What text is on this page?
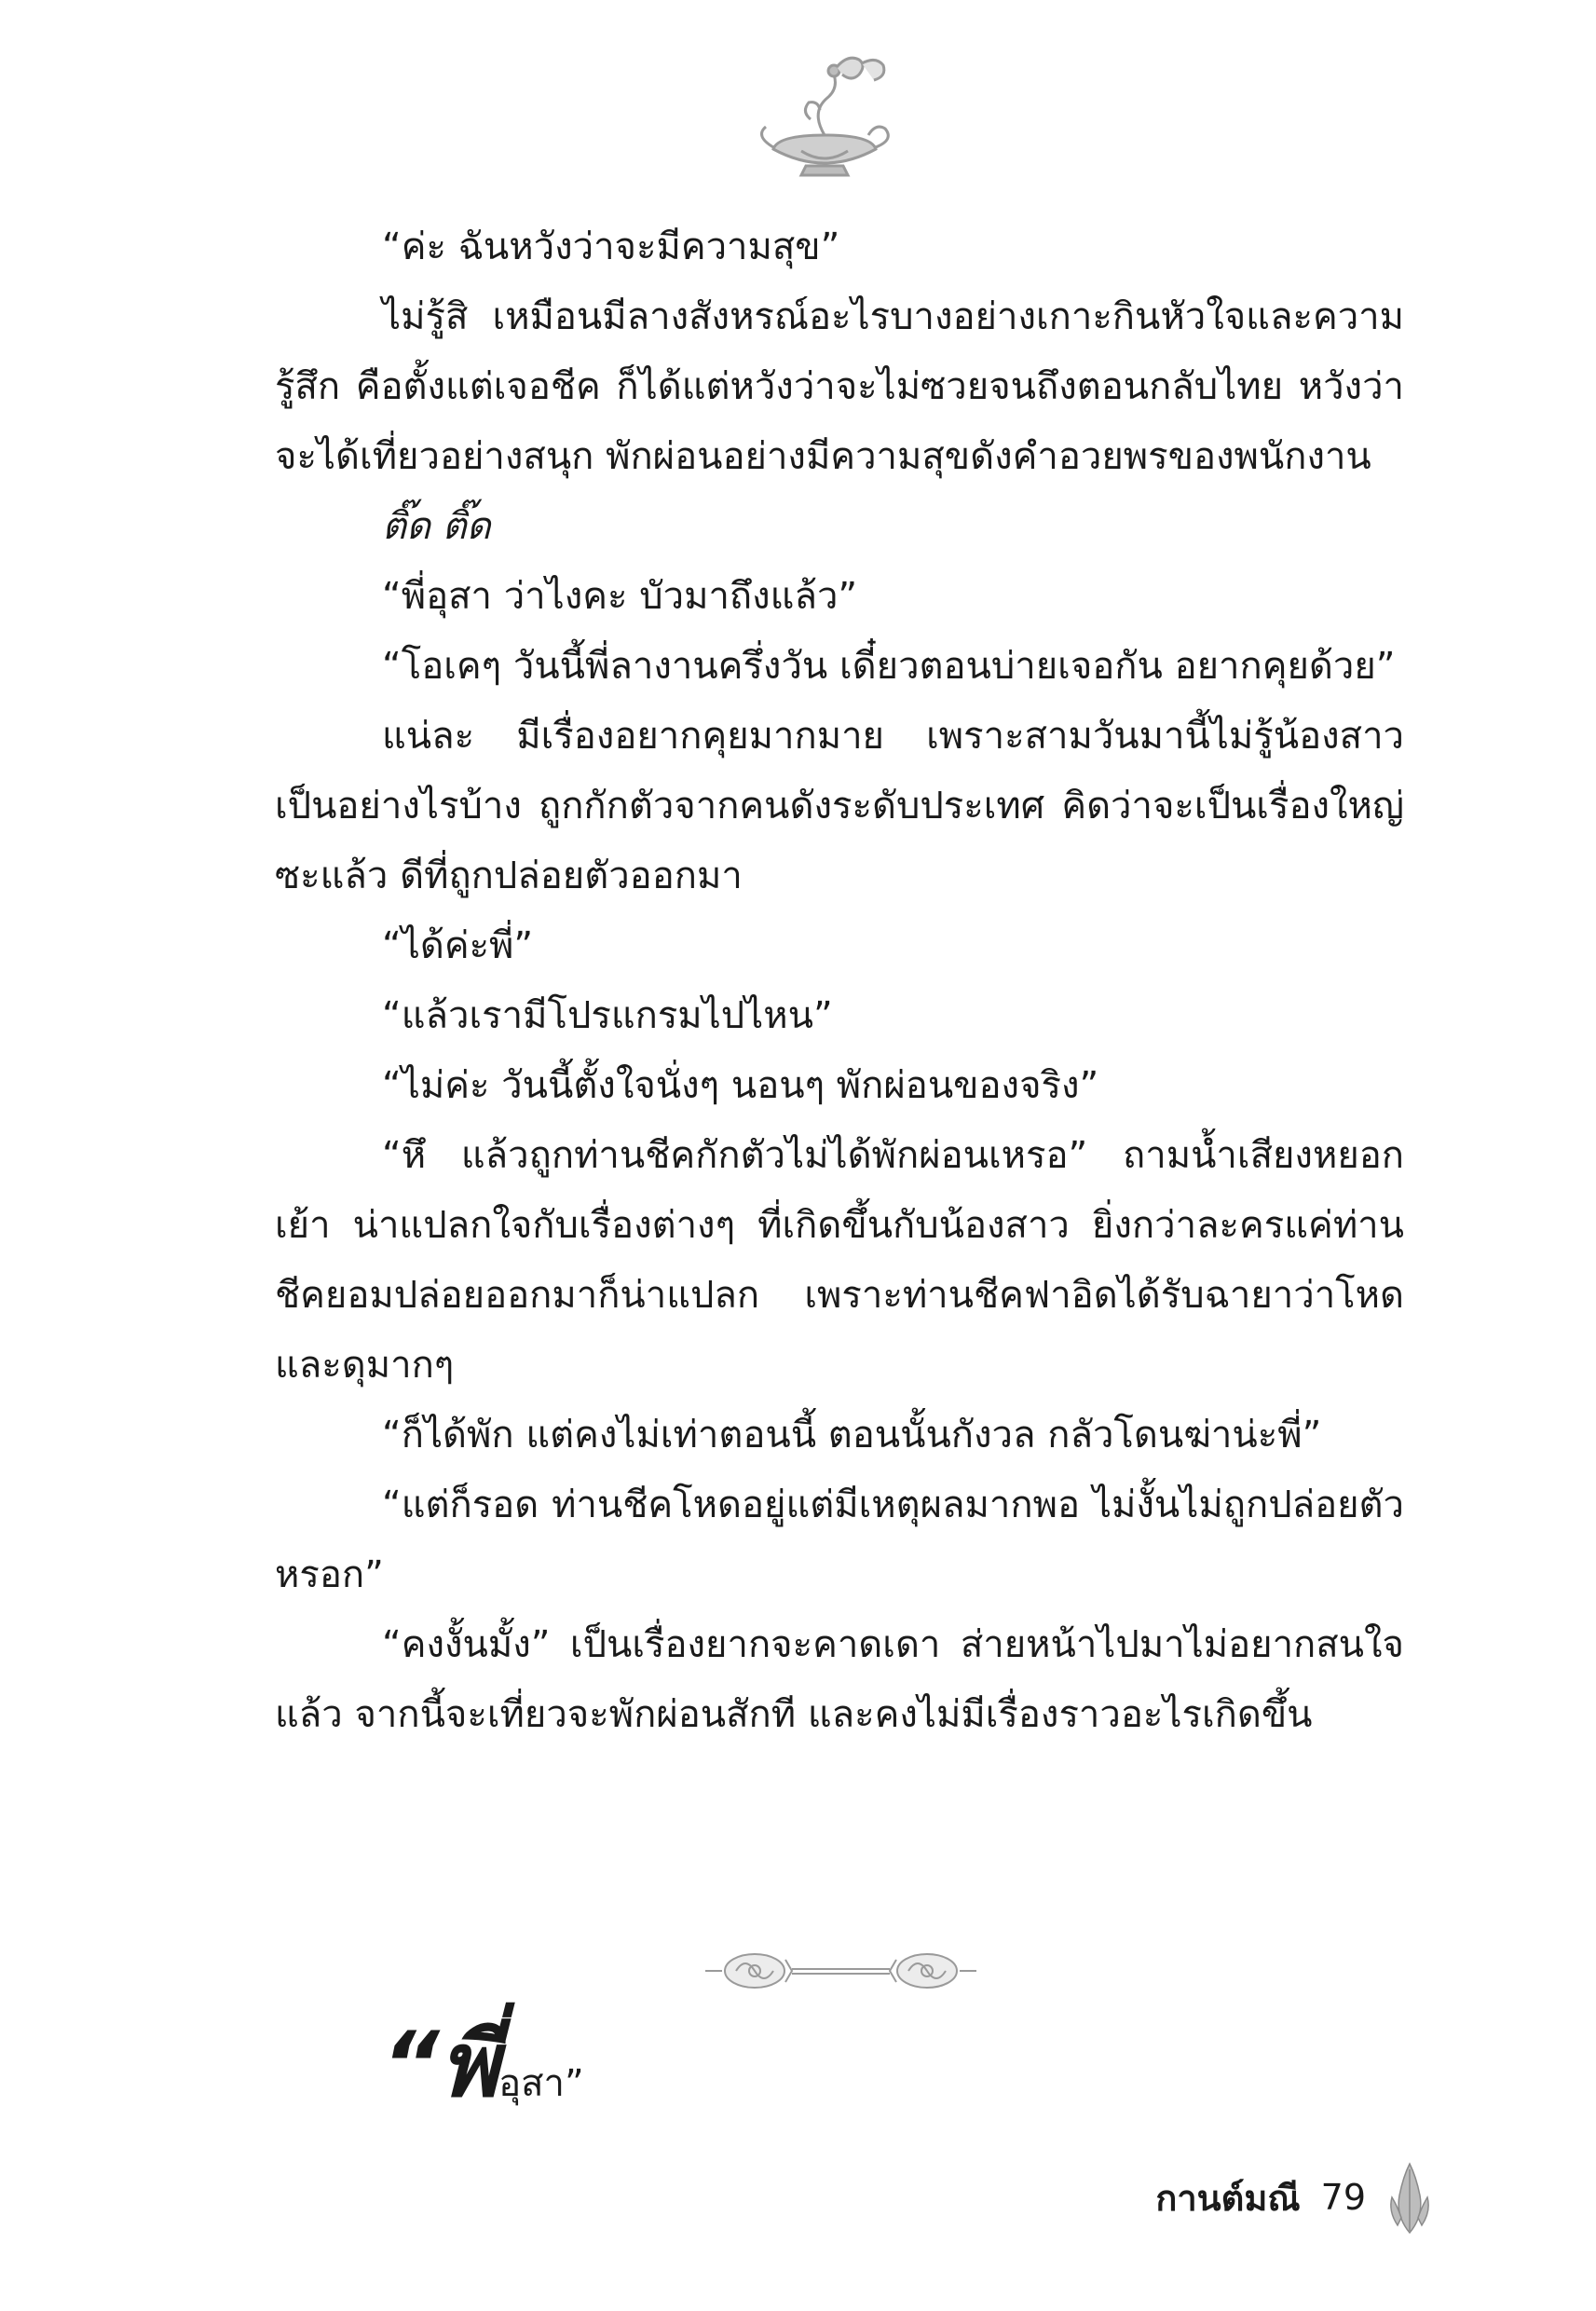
“ค่ะ ฉันหวังว่าจะมีความสุข”

ไม่รู้สิ เหมือนมีลางสังหรณ์อะไรบางอย่างเกาะกินหัวใจและความรู้สึก คือตั้งแต่เจอชีค ก็ได้แต่หวังว่าจะไม่ซวยจนถึงตอนกลับไทย หวังว่าจะได้เที่ยวอย่างสนุก พักผ่อนอย่างมีความสุขดังคำอวยพรของพนักงาน

ติ๊ด ติ๊ด

“พี่อุสา ว่าไงคะ บัวมาถึงแล้ว”

“โอเคๆ วันนี้พี่ลางานครึ่งวัน เดี๋ยวตอนบ่ายเจอกัน อยากคุยด้วย”

แน่ละ มีเรื่องอยากคุยมากมาย เพราะสามวันมานี้ไม่รู้น้องสาวเป็นอย่างไรบ้าง ถูกกักตัวจากคนดังระดับประเทศ คิดว่าจะเป็นเรื่องใหญ่ซะแล้ว ดีที่ถูกปล่อยตัวออกมา

“ได้ค่ะพี่”

“แล้วเรามีโปรแกรมไปไหน”

“ไม่ค่ะ วันนี้ตั้งใจนั่งๆ นอนๆ พักผ่อนของจริง”

“หึ แล้วถูกท่านชีคกักตัวไม่ได้พักผ่อนเหรอ” ถามน้ำเสียงหยอกเย้า น่าแปลกใจกับเรื่องต่างๆ ที่เกิดขึ้นกับน้องสาว ยิ่งกว่าละครแค่ท่านชีคยอมปล่อยออกมาก็น่าแปลก เพราะท่านชีคฟาอิดได้รับฉายาว่าโหดและดุมากๆ

“ก็ได้พัก แต่คงไม่เท่าตอนนี้ ตอนนั้นกังวล กลัวโดนฆ่าน่ะพี่”

“แต่ก็รอด ท่านชีคโหดอยู่แต่มีเหตุผลมากพอ ไม่งั้นไม่ถูกปล่อยตัวหรอก”

“คงงั้นมั้ง” เป็นเรื่องยากจะคาดเดา ส่ายหน้าไปมาไม่อยากสนใจแล้ว จากนี้จะเที่ยวจะพักผ่อนสักที และคงไม่มีเรื่องราวอะไรเกิดขึ้น

“พี่อุสา”
กานต์มณี 79
